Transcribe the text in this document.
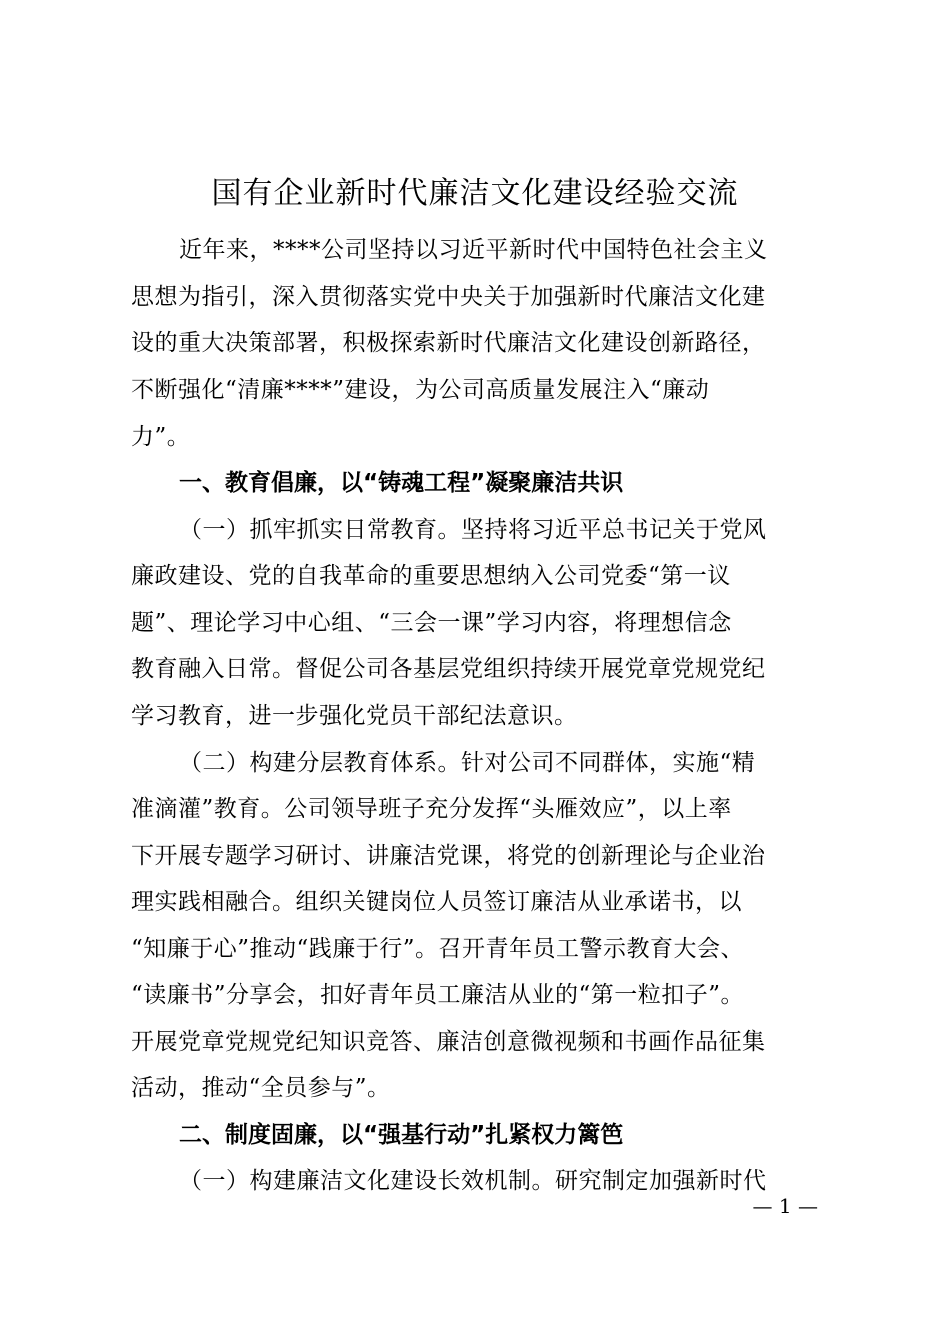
国有企业新时代廉洁文化建设经验交流
近年来，****公司坚持以习近平新时代中国特色社会主义
思想为指引，深入贯彻落实党中央关于加强新时代廉洁文化建
设的重大决策部署，积极探索新时代廉洁文化建设创新路径，
不断强化“清廉****”建设，为公司高质量发展注入“廉动
力”。
一、教育倡廉，以“铸魂工程”凝聚廉洁共识
（一）抓牢抓实日常教育。坚持将习近平总书记关于党风
廉政建设、党的自我革命的重要思想纳入公司党委“第一议
题”、理论学习中心组、“三会一课”学习内容，将理想信念
教育融入日常。督促公司各基层党组织持续开展党章党规党纪
学习教育，进一步强化党员干部纪法意识。
（二）构建分层教育体系。针对公司不同群体，实施“精
准滴灌”教育。公司领导班子充分发挥“头雁效应”，以上率
下开展专题学习研讨、讲廉洁党课，将党的创新理论与企业治
理实践相融合。组织关键岗位人员签订廉洁从业承诺书，以
“知廉于心”推动“践廉于行”。召开青年员工警示教育大会、
“读廉书”分享会，扣好青年员工廉洁从业的“第一粒扣子”。
开展党章党规党纪知识竞答、廉洁创意微视频和书画作品征集
活动，推动“全员参与”。
二、制度固廉，以“强基行动”扎紧权力篱笆
（一）构建廉洁文化建设长效机制。研究制定加强新时代
— 1 —
